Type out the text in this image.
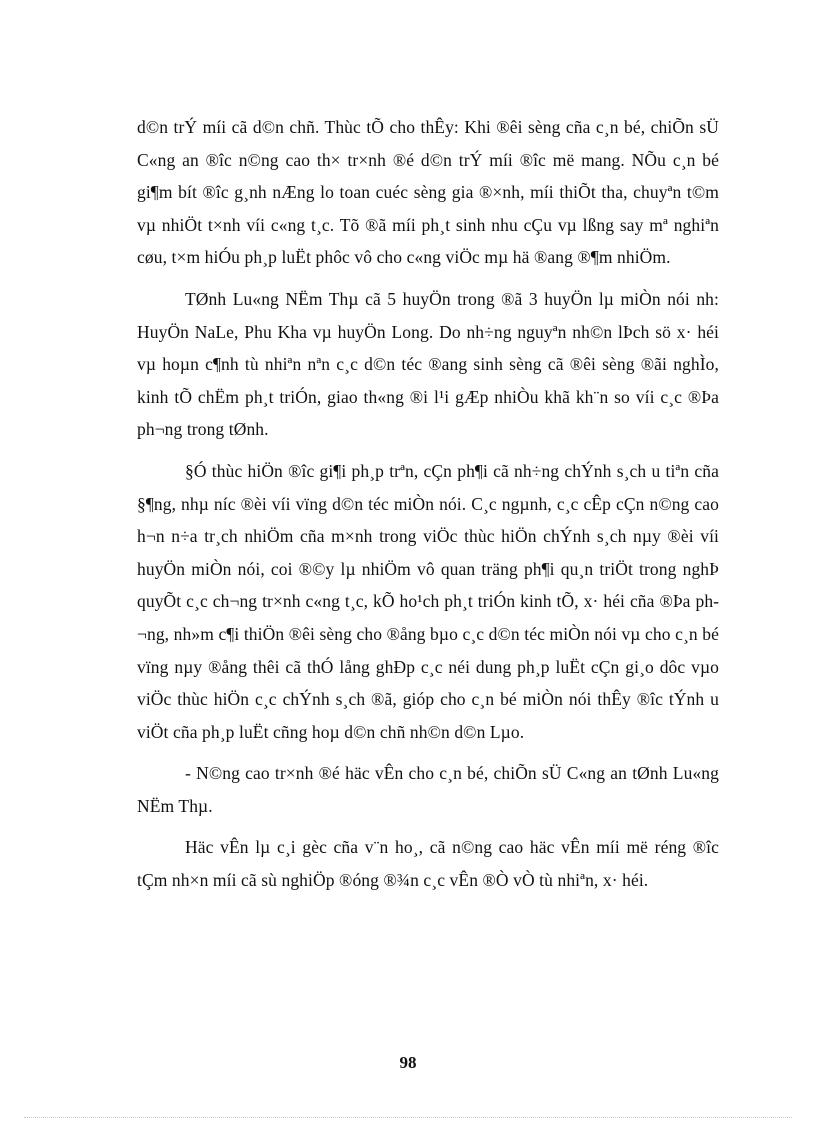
d©n trÝ míi cã d©n chñ. Thùc tÕ cho thÊy: Khi ®êi sèng cña c¸n bé, chiÕn sÜ C«ng an ®îc n©ng cao th× tr×nh ®é d©n trÝ míi ®îc më mang. NÕu c¸n bé gi¶m bít ®îc g¸nh nÆng lo toan cuéc sèng gia ®×nh, míi thiÕt tha, chuyªn t©m vµ nhiÖt t×nh víi c«ng t¸c. Tõ ®ã míi ph¸t sinh nhu cÇu vµ lßng say mª nghiªn cøu, t×m hiÓu ph¸p luËt phôc vô cho c«ng viÖc mµ hä ®ang ®¶m nhiÖm.

TØnh Lu«ng NËm Thµ cã 5 huyÖn trong ®ã 3 huyÖn lµ miÒn nói nh: HuyÖn NaLe, Phu Kha vµ huyÖn Long. Do nh÷ng nguyªn nh©n lÞch sö x· héi vµ hoµn c¶nh tù nhiªn nªn c¸c d©n téc ®ang sinh sèng cã ®êi sèng ®ãi nghÌo, kinh tÕ chËm ph¸t triÓn, giao th«ng ®i l¹i gÆp nhiÒu khã kh¨n so víi c¸c ®Þa ph¬ng trong tØnh.

§Ó thùc hiÖn ®îc gi¶i ph¸p trªn, cÇn ph¶i cã nh÷ng chÝnh s¸ch u tiªn cña §¶ng, nhµ níc ®èi víi vïng d©n téc miÒn nói. C¸c ngµnh, c¸c cÊp cÇn n©ng cao h¬n n÷a tr¸ch nhiÖm cña m×nh trong viÖc thùc hiÖn chÝnh s¸ch nµy ®èi víi huyÖn miÒn nói, coi ®©y lµ nhiÖm vô quan träng ph¶i qu¸n triÖt trong nghÞ quyÕt c¸c ch¬ng tr×nh c«ng t¸c, kÕ ho¹ch ph¸t triÓn kinh tÕ, x· héi cña ®Þa ph¬ng, nh»m c¶i thiÖn ®êi sèng cho ®ång bµo c¸c d©n téc miÒn nói vµ cho c¸n bé vïng nµy ®ång thêi cã thÓ lång ghÐp c¸c néi dung ph¸p luËt cÇn gi¸o dôc vµo viÖc thùc hiÖn c¸c chÝnh s¸ch ®ã, gióp cho c¸n bé miÒn nói thÊy ®îc tÝnh u viÖt cña ph¸p luËt cñng hoµ d©n chñ nh©n d©n Lµo.

- N©ng cao tr×nh ®é häc vÊn cho c¸n bé, chiÕn sÜ C«ng an tØnh Lu«ng NËm Thµ.

Häc vÊn lµ c¸i gèc cña v¨n ho¸, cã n©ng cao häc vÊn míi më réng ®îc tÇm nh×n míi cã sù nghiÖp ®óng ®¾n c¸c vÊn ®Ò vÒ tù nhiªn, x· héi.

98
